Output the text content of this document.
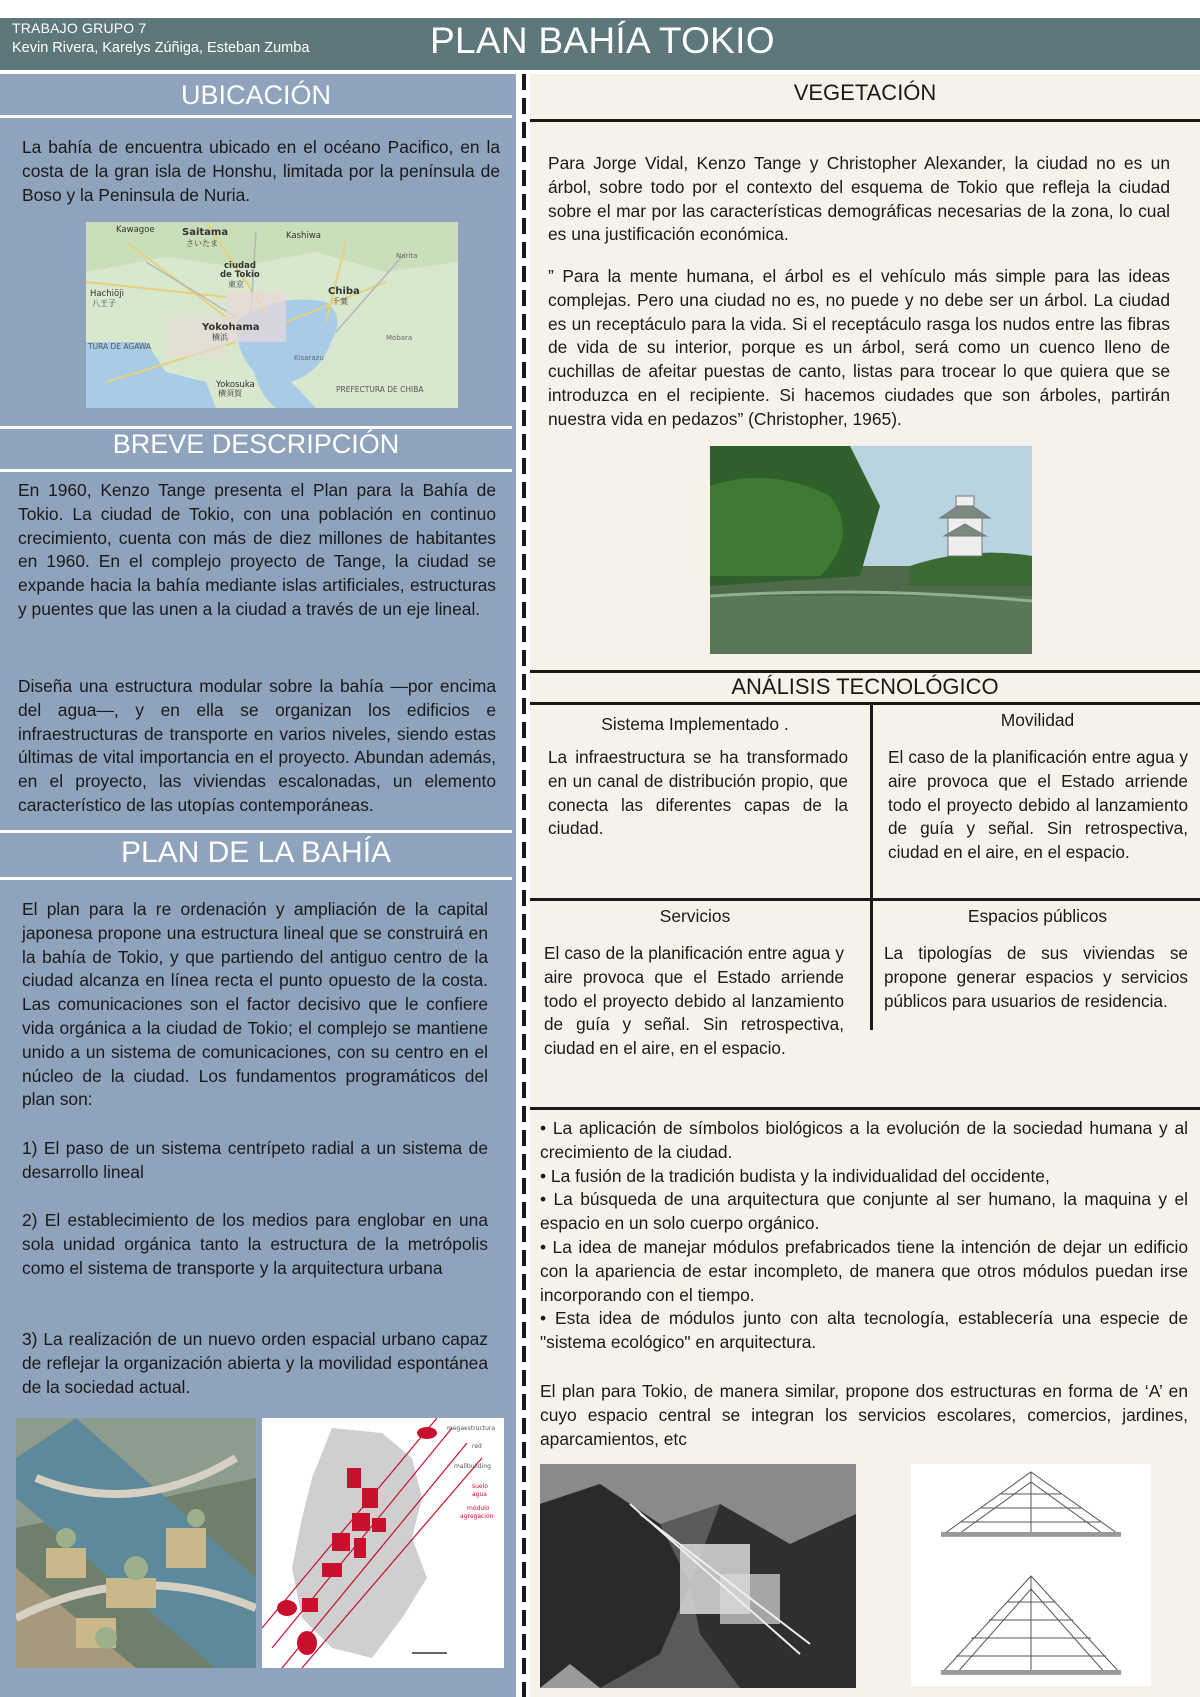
TRABAJO GRUPO 7
Kevin Rivera, Karelys Zúñiga, Esteban Zumba	PLAN BAHÍA TOKIO
UBICACIÓN
La bahía de encuentra ubicado en el océano Pacifico, en la costa de la gran isla de Honshu, limitada por la península de Boso y la Peninsula de Nuria.
Kawagoe	Saitama
さいたま
Kashiwa
ciudad
de Tokio
東京
Hachiōji
八王子
Chiba
千葉
Yokohama
横浜
TURA DE AGAWA
Yokosuka
横須賀	PREFECTURA DE CHIBA
Narita
Mobara
Kisarazu
BREVE DESCRIPCIÓN
En 1960, Kenzo Tange presenta el Plan para la Bahía de Tokio. La ciudad de Tokio, con una población en continuo crecimiento, cuenta con más de diez millones de habitantes en 1960. En el complejo proyecto de Tange, la ciudad se expande hacia la bahía mediante islas artificiales, estructuras y puentes que las unen a la ciudad a través de un eje lineal.
Diseña una estructura modular sobre la bahía —por encima del agua—, y en ella se organizan los edificios e infraestructuras de transporte en varios niveles, siendo estas últimas de vital importancia en el proyecto. Abundan además, en el proyecto, las viviendas escalonadas, un elemento característico de las utopías contemporáneas.
PLAN DE LA BAHÍA
El plan para la re ordenación y ampliación de la capital japonesa propone una estructura lineal que se construirá en la bahía de Tokio, y que partiendo del antiguo centro de la ciudad alcanza en línea recta el punto opuesto de la costa. Las comunicaciones son el factor decisivo que le confiere vida orgánica a la ciudad de Tokio; el complejo se mantiene unido a un sistema de comunicaciones, con su centro en el núcleo de la ciudad. Los fundamentos programáticos del plan son:
1) El paso de un sistema centrípeto radial a un sistema de desarrollo lineal
2) El establecimiento de los medios para englobar en una sola unidad orgánica tanto la estructura de la metrópolis como el sistema de transporte y la arquitectura urbana
3) La realización de un nuevo orden espacial urbano capaz de reflejar la organización abierta y la movilidad espontánea de la sociedad actual.
megaestructura
red
mallbuilding
suelo
agua
módulo
agregación
VEGETACIÓN
Para Jorge Vidal, Kenzo Tange y Christopher Alexander, la ciudad no es un árbol, sobre todo por el contexto del esquema de Tokio que refleja la ciudad sobre el mar por las características demográficas necesarias de la zona, lo cual es una justificación económica.
” Para la mente humana, el árbol es el vehículo más simple para las ideas complejas. Pero una ciudad no es, no puede y no debe ser un árbol. La ciudad es un receptáculo para la vida. Si el receptáculo rasga los nudos entre las fibras de vida de su interior, porque es un árbol, será como un cuenco lleno de cuchillas de afeitar puestas de canto, listas para trocear lo que quiera que se introduzca en el recipiente. Si hacemos ciudades que son árboles, partirán nuestra vida en pedazos” (Christopher, 1965).
ANÁLISIS TECNOLÓGICO
Sistema Implementado .
La infraestructura se ha transformado en un canal de distribución propio, que conecta las diferentes capas de la ciudad.
Movilidad
El caso de la planificación entre agua y aire provoca que el Estado arriende todo el proyecto debido al lanzamiento de guía y señal. Sin retrospectiva, ciudad en el aire, en el espacio.
Servicios
El caso de la planificación entre agua y aire provoca que el Estado arriende todo el proyecto debido al lanzamiento de guía y señal. Sin retrospectiva, ciudad en el aire, en el espacio.
Espacios públicos
La tipologías de sus viviendas se propone generar espacios y servicios públicos para usuarios de residencia.
• La aplicación de símbolos biológicos a la evolución de la sociedad humana y al crecimiento de la ciudad.
• La fusión de la tradición budista y la individualidad del occidente,
• La búsqueda de una arquitectura que conjunte al ser humano, la maquina y el espacio en un solo cuerpo orgánico.
• La idea de manejar módulos prefabricados tiene la intención de dejar un edificio con la apariencia de estar incompleto, de manera que otros módulos puedan irse incorporando con el tiempo.
• Esta idea de módulos junto con alta tecnología, establecería una especie de "sistema ecológico" en arquitectura.
El plan para Tokio, de manera similar, propone dos estructuras en forma de ‘A’ en cuyo espacio central se integran los servicios escolares, comercios, jardines, aparcamientos, etc
